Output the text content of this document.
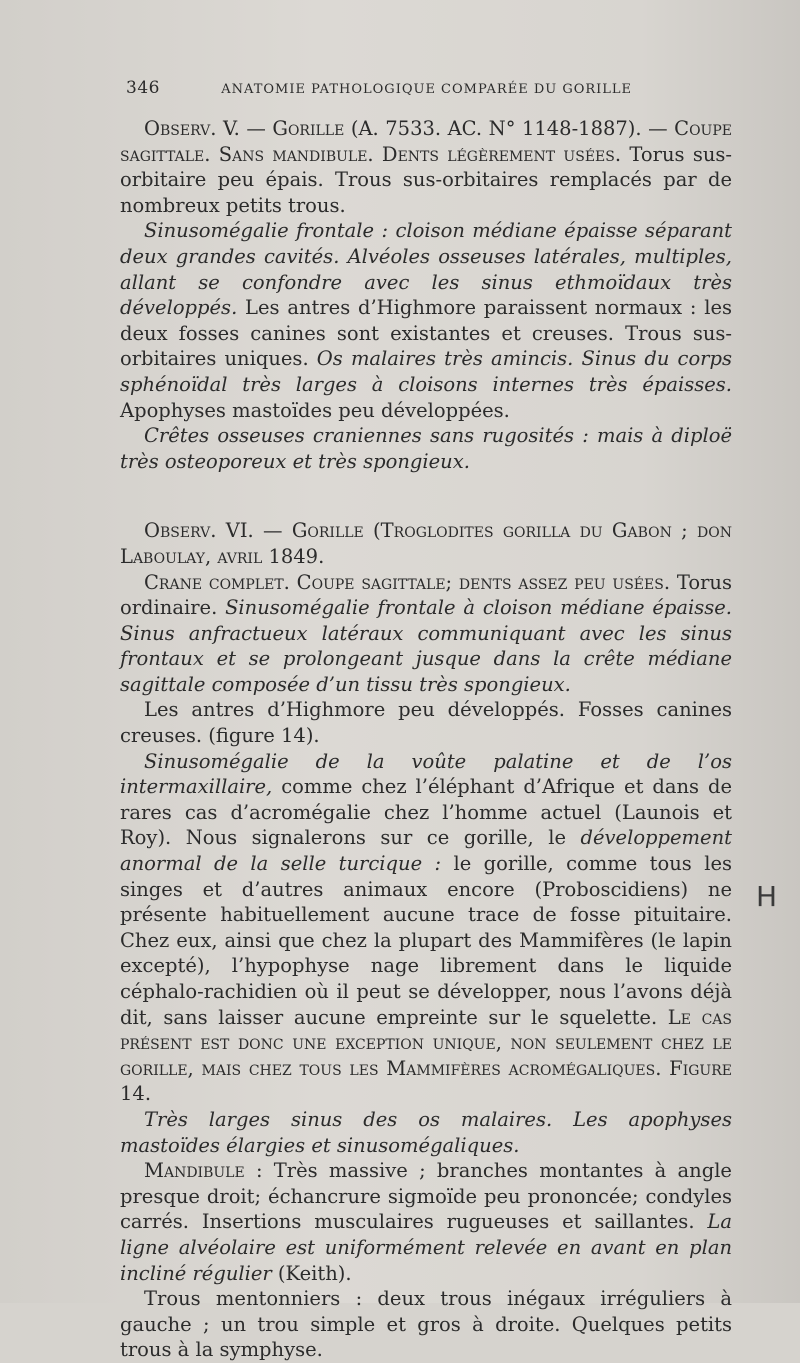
346	ANATOMIE PATHOLOGIQUE COMPARÉE DU GORILLE

Observ. V. — Gorille (A. 7533. AC. N° 1148-1887). — Coupe sagittale. Sans mandibule. Dents légèrement usées. Torus sus-orbitaire peu épais. Trous sus-orbitaires remplacés par de nombreux petits trous.

Sinusomégalie frontale : cloison médiane épaisse séparant deux grandes cavités. Alvéoles osseuses latérales, multiples, allant se confondre avec les sinus ethmoïdaux très développés. Les antres d’Highmore paraissent normaux : les deux fosses canines sont existantes et creuses. Trous sus-orbitaires uniques. Os malaires très amincis. Sinus du corps sphénoïdal très larges à cloisons internes très épaisses. Apophyses mastoïdes peu développées.

Crêtes osseuses craniennes sans rugosités : mais à diploë très osteoporeux et très spongieux.

Observ. VI. — Gorille (Troglodites gorilla du Gabon ; don Laboulay, avril 1849.

Crane complet. Coupe sagittale; dents assez peu usées. Torus ordinaire. Sinusomégalie frontale à cloison médiane épaisse. Sinus anfractueux latéraux communiquant avec les sinus frontaux et se prolongeant jusque dans la crête médiane sagittale composée d’un tissu très spongieux.

Les antres d’Highmore peu développés. Fosses canines creuses. (figure 14).

Sinusomégalie de la voûte palatine et de l’os intermaxillaire, comme chez l’éléphant d’Afrique et dans de rares cas d’acromégalie chez l’homme actuel (Launois et Roy). Nous signalerons sur ce gorille, le développement anormal de la selle turcique : le gorille, comme tous les singes et d’autres animaux encore (Proboscidiens) ne présente habituellement aucune trace de fosse pituitaire. Chez eux, ainsi que chez la plupart des Mammifères (le lapin excepté), l’hypophyse nage librement dans le liquide céphalo-rachidien où il peut se développer, nous l’avons déjà dit, sans laisser aucune empreinte sur le squelette. Le cas présent est donc une exception unique, non seulement chez le gorille, mais chez tous les Mammifères acromégaliques. Figure 14.

Très larges sinus des os malaires. Les apophyses mastoïdes élargies et sinusomégaliques.

Mandibule : Très massive ; branches montantes à angle presque droit; échancrure sigmoïde peu prononcée; condyles carrés. Insertions musculaires rugueuses et saillantes. La ligne alvéolaire est uniformément relevée en avant en plan incliné régulier (Keith).

Trous mentonniers : deux trous inégaux irréguliers à gauche ; un trou simple et gros à droite. Quelques petits trous à la symphyse.

H
